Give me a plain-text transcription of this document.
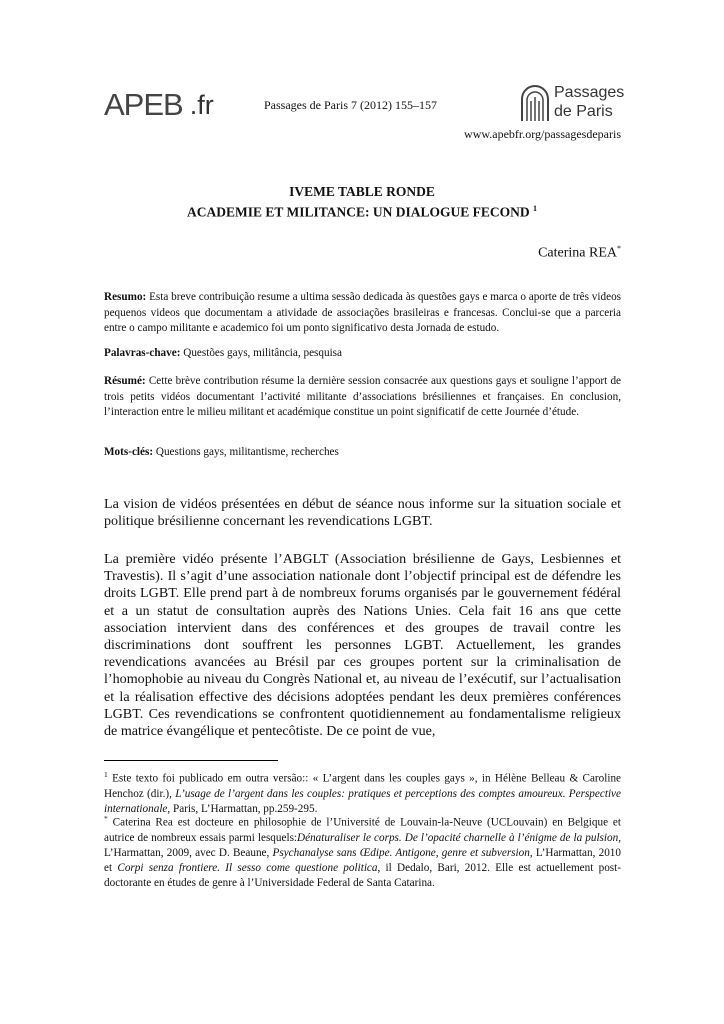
APEB .fr	Passages de Paris 7 (2012) 155–157
Passages
de Paris
www.apebfr.org/passagesdeparis
IVEME TABLE RONDE
ACADEMIE ET MILITANCE: UN DIALOGUE FECOND $^1$
Caterina REA*
Resumo: Esta breve contribuição resume a ultima sessão dedicada às questões gays e marca o aporte de três videos pequenos videos que documentam a atividade de associações brasileiras e francesas. Conclui-se que a parceria entre o campo militante e academico foi um ponto significativo desta Jornada de estudo.
Palavras-chave: Questões gays, militância, pesquisa
Résumé: Cette brève contribution résume la dernière session consacrée aux questions gays et souligne l’apport de trois petits vidéos documentant l’activité militante d’associations brésiliennes et françaises. En conclusion, l’interaction entre le milieu militant et académique constitue un point significatif de cette Journée d’étude.
Mots-clés: Questions gays, militantisme, recherches
La vision de vidéos présentées en début de séance nous informe sur la situation sociale et politique brésilienne concernant les revendications LGBT.
La première vidéo présente l’ABGLT (Association brésilienne de Gays, Lesbiennes et Travestis). Il s’agit d’une association nationale dont l’objectif principal est de défendre les droits LGBT. Elle prend part à de nombreux forums organisés par le gouvernement fédéral et a un statut de consultation auprès des Nations Unies. Cela fait 16 ans que cette association intervient dans des conférences et des groupes de travail contre les discriminations dont souffrent les personnes LGBT. Actuellement, les grandes revendications avancées au Brésil par ces groupes portent sur la criminalisation de l’homophobie au niveau du Congrès National et, au niveau de l’exécutif, sur l’actualisation et la réalisation effective des décisions adoptées pendant les deux premières conférences LGBT. Ces revendications se confrontent quotidiennement au fondamentalisme religieux de matrice évangélique et pentecôtiste. De ce point de vue,
$^1$ Este texto foi publicado em outra versão:: « L’argent dans les couples gays », in Hélène Belleau & Caroline Henchoz (dir.), L’usage de l’argent dans les couples: pratiques et perceptions des comptes amoureux. Perspective internationale, Paris, L’Harmattan, pp.259-295.
* Caterina Rea est docteure en philosophie de l’Université de Louvain-la-Neuve (UCLouvain) en Belgique et autrice de nombreux essais parmi lesquels:Dénaturaliser le corps. De l’opacité charnelle à l’énigme de la pulsion, L’Harmattan, 2009, avec D. Beaune, Psychanalyse sans Œdipe. Antigone, genre et subversion, L’Harmattan, 2010 et Corpi senza frontiere. Il sesso come questione politica, il Dedalo, Bari, 2012. Elle est actuellement post-doctorante en études de genre à l’Universidade Federal de Santa Catarina.
